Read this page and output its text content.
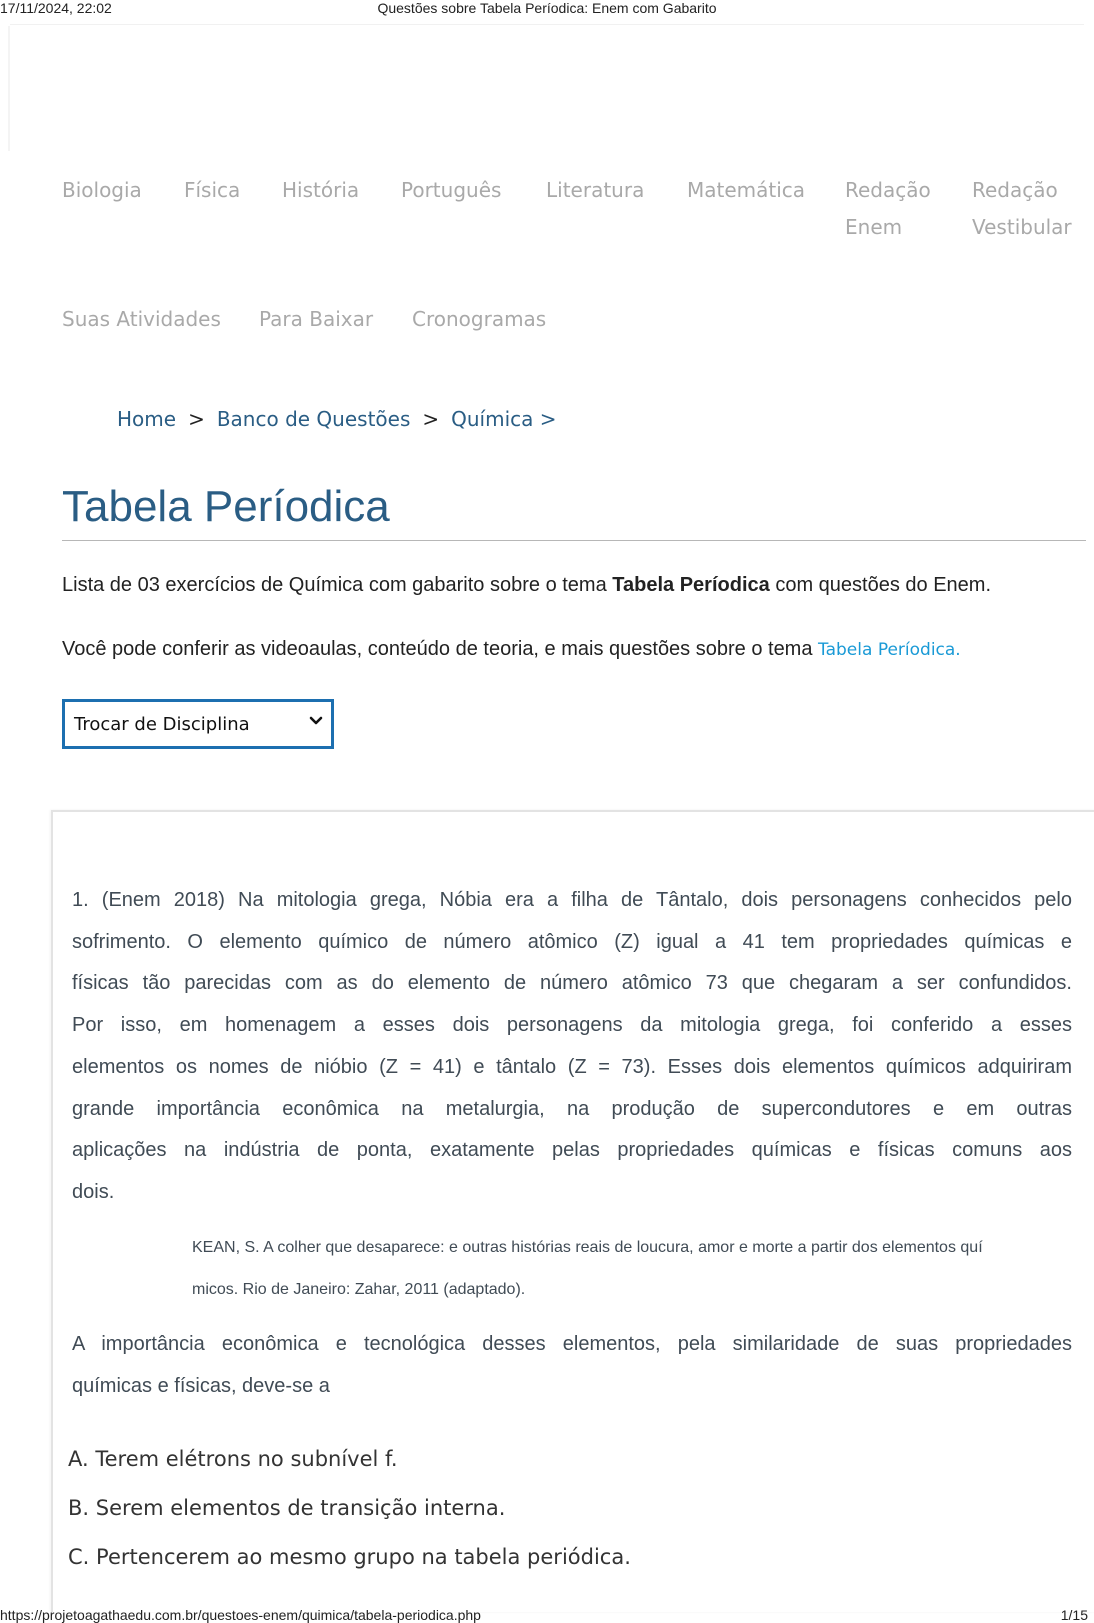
17/11/2024, 22:02	Questões sobre Tabela Períodica: Enem com Gabarito
Biologia Física História Português Literatura Matemática Redação
Enem
Redação
Vestibular
Suas Atividades Para Baixar Cronogramas
Home > Banco de Questões > Química >
Tabela Períodica
Lista de 03 exercícios de Química com gabarito sobre o tema Tabela Períodica com questões do Enem.
Você pode conferir as videoaulas, conteúdo de teoria, e mais questões sobre o tema Tabela Períodica.
Trocar de Disciplina
1. (Enem 2018) Na mitologia grega, Nóbia era a filha de Tântalo, dois personagens conhecidos pelo
sofrimento. O elemento químico de número atômico (Z) igual a 41 tem propriedades químicas e
físicas tão parecidas com as do elemento de número atômico 73 que chegaram a ser confundidos.
Por isso, em homenagem a esses dois personagens da mitologia grega, foi conferido a esses
elementos os nomes de nióbio (Z = 41) e tântalo (Z = 73). Esses dois elementos químicos adquiriram
grande importância econômica na metalurgia, na produção de supercondutores e em outras
aplicações na indústria de ponta, exatamente pelas propriedades químicas e físicas comuns aos
dois.
KEAN, S. A colher que desaparece: e outras histórias reais de loucura, amor e morte a partir dos elementos quí
micos. Rio de Janeiro: Zahar, 2011 (adaptado).
A importância econômica e tecnológica desses elementos, pela similaridade de suas propriedades
químicas e físicas, deve-se a
A. Terem elétrons no subnível f.
B. Serem elementos de transição interna.
C. Pertencerem ao mesmo grupo na tabela periódica.
https://projetoagathaedu.com.br/questoes-enem/quimica/tabela-periodica.php	1/15
